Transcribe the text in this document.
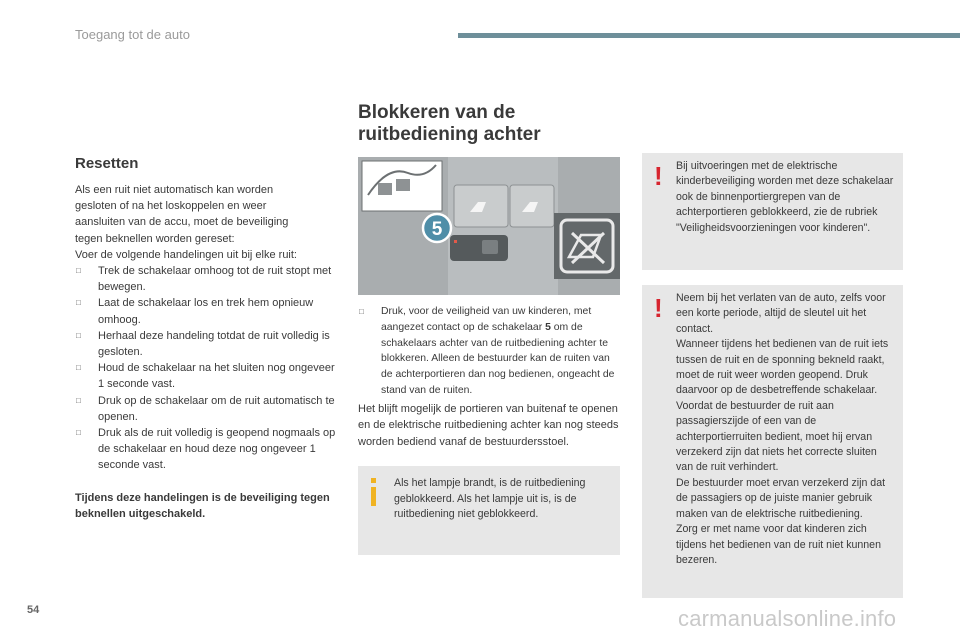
Toegang tot de auto
Resetten
Als een ruit niet automatisch kan worden
gesloten of na het loskoppelen en weer
aansluiten van de accu, moet de beveiliging
tegen beknellen worden gereset:
Voer de volgende handelingen uit bij elke ruit:
□ Trek de schakelaar omhoog tot de ruit stopt met bewegen.
□ Laat de schakelaar los en trek hem opnieuw omhoog.
□ Herhaal deze handeling totdat de ruit volledig is gesloten.
□ Houd de schakelaar na het sluiten nog ongeveer 1 seconde vast.
□ Druk op de schakelaar om de ruit automatisch te openen.
□ Druk als de ruit volledig is geopend nogmaals op de schakelaar en houd deze nog ongeveer 1 seconde vast.
Tijdens deze handelingen is de beveiliging tegen beknellen uitgeschakeld.
Blokkeren van de ruitbediening achter
5
□ Druk, voor de veiligheid van uw kinderen, met aangezet contact op de schakelaar 5 om de schakelaars achter van de ruitbediening achter te blokkeren. Alleen de bestuurder kan de ruiten van de achterportieren dan nog bedienen, ongeacht de stand van de ruiten.
Het blijft mogelijk de portieren van buitenaf te openen en de elektrische ruitbediening achter kan nog steeds worden bediend vanaf de bestuurdersstoel.
Als het lampje brandt, is de ruitbediening geblokkeerd. Als het lampje uit is, is de ruitbediening niet geblokkeerd.
! Bij uitvoeringen met de elektrische kinderbeveiliging worden met deze schakelaar ook de binnenportiergrepen van de achterportieren geblokkeerd, zie de rubriek "Veiligheidsvoorzieningen voor kinderen".
! Neem bij het verlaten van de auto, zelfs voor een korte periode, altijd de sleutel uit het contact.
Wanneer tijdens het bedienen van de ruit iets tussen de ruit en de sponning bekneld raakt, moet de ruit weer worden geopend. Druk daarvoor op de desbetreffende schakelaar.
Voordat de bestuurder de ruit aan passagierszijde of een van de achterportierruiten bedient, moet hij ervan verzekerd zijn dat niets het correcte sluiten van de ruit verhindert.
De bestuurder moet ervan verzekerd zijn dat de passagiers op de juiste manier gebruik maken van de elektrische ruitbediening.
Zorg er met name voor dat kinderen zich tijdens het bedienen van de ruit niet kunnen bezeren.
54	carmanualsonline.info
